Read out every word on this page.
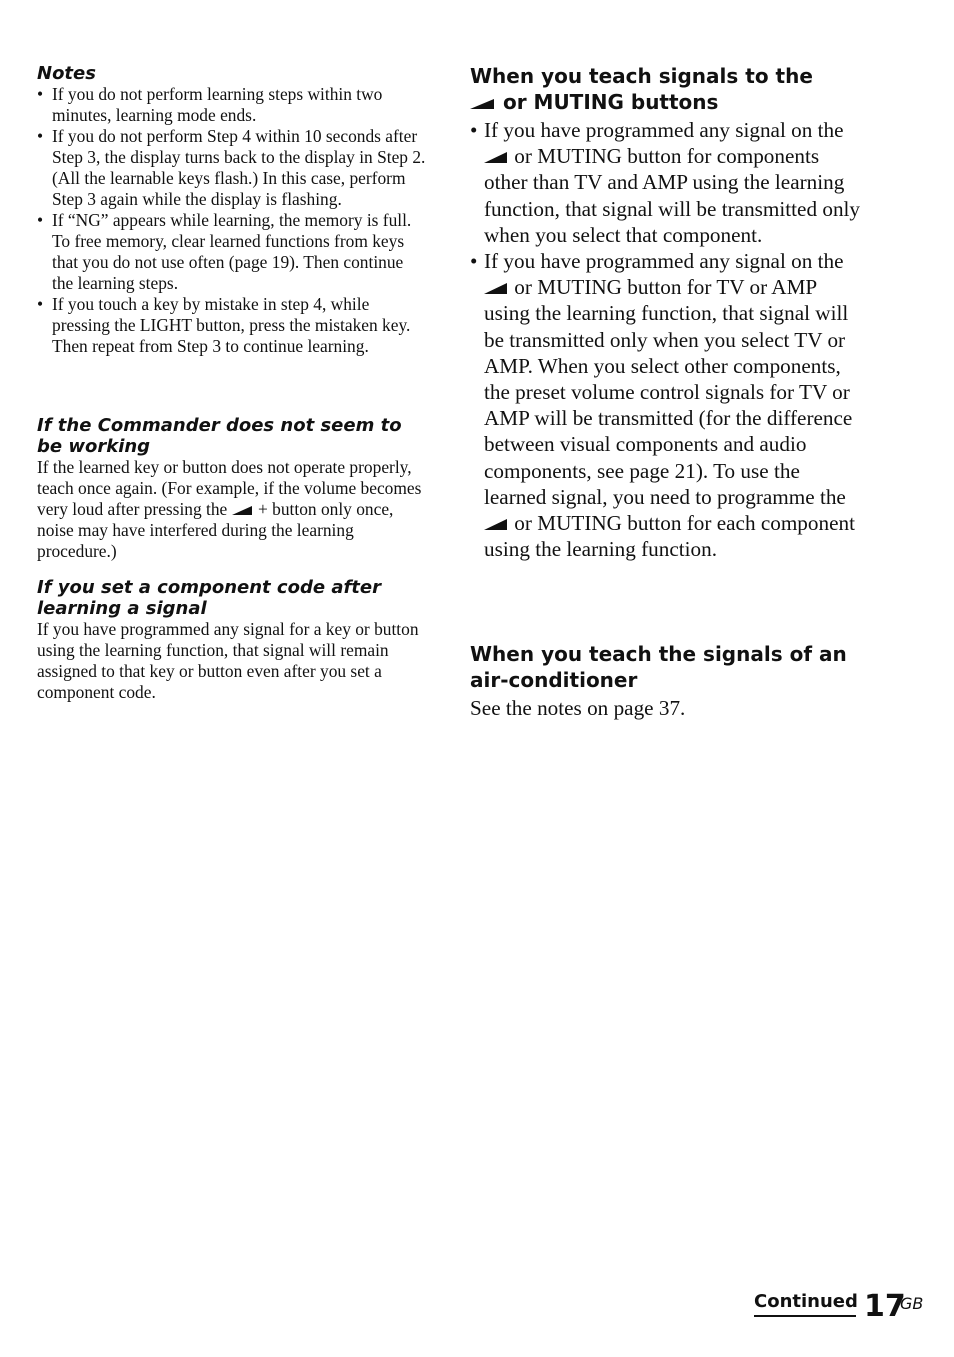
Notes
• If you do not perform learning steps within two minutes, learning mode ends.
• If you do not perform Step 4 within 10 seconds after Step 3, the display turns back to the display in Step 2. (All the learnable keys flash.) In this case, perform Step 3 again while the display is flashing.
• If “NG” appears while learning, the memory is full. To free memory, clear learned functions from keys that you do not use often (page 19). Then continue the learning steps.
• If you touch a key by mistake in step 4, while pressing the LIGHT button, press the mistaken key. Then repeat from Step 3 to continue learning.
If the Commander does not seem to be working

If the learned key or button does not operate properly, teach once again. (For example, if the volume becomes very loud after pressing the + button only once, noise may have interfered during the learning procedure.)

If you set a component code after learning a signal

If you have programmed any signal for a key or button using the learning function, that signal will remain assigned to that key or button even after you set a component code.

When you teach signals to the
or MUTING buttons
• If you have programmed any signal on the  or MUTING button for components other than TV and AMP using the learning function, that signal will be transmitted only when you select that component.
• If you have programmed any signal on the  or MUTING button for TV or AMP using the learning function, that signal will be transmitted only when you select TV or AMP. When you select other components, the preset volume control signals for TV or AMP will be transmitted (for the difference between visual components and audio components, see page 21). To use the learned signal, you need to programme the  or MUTING button for each component using the learning function.
When you teach the signals of an air-conditioner

See the notes on page 37.

Continued 17
GB
